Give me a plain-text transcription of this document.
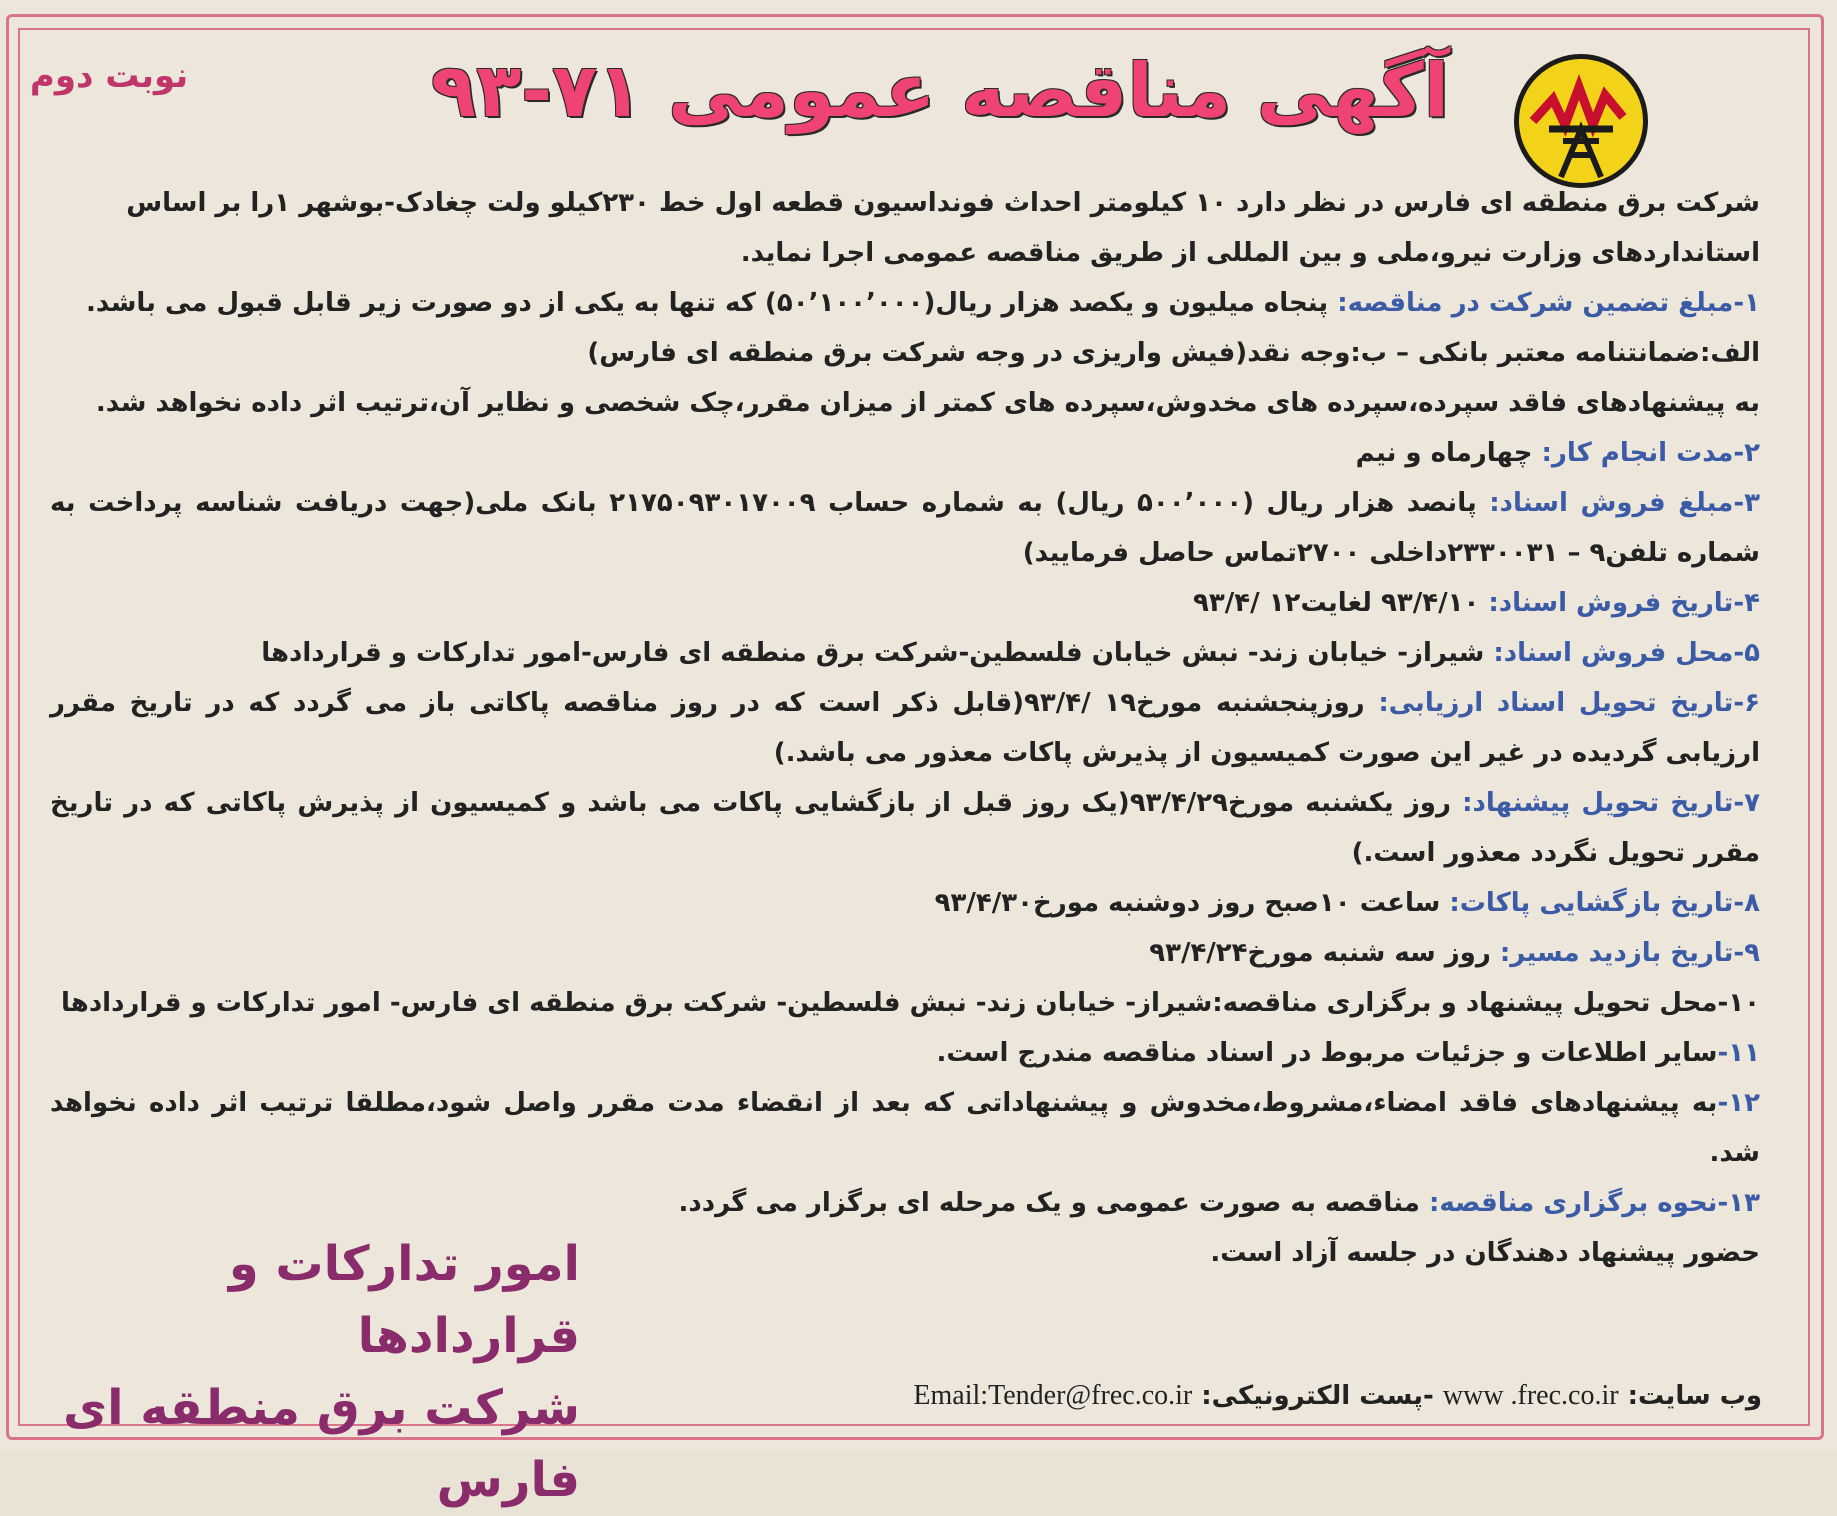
نوبت دوم	آگهی مناقصه عمومی ۷۱-۹۳

شرکت برق منطقه ای فارس در نظر دارد ۱۰ کیلومتر احداث فونداسیون قطعه اول خط ۲۳۰کیلو ولت چغادک-بوشهر ۱را بر اساس

استانداردهای وزارت نیرو،ملی و بین المللی از طریق مناقصه عمومی اجرا نماید.

۱-مبلغ تضمین شرکت در مناقصه: پنجاه میلیون و یکصد هزار ریال(۵۰٬۱۰۰٬۰۰۰) که تنها به یکی از دو صورت زیر قابل قبول می باشد.

الف:ضمانتنامه معتبر بانکی – ب:وجه نقد(فیش واریزی در وجه شرکت برق منطقه ای فارس)

به پیشنهادهای فاقد سپرده،سپرده های مخدوش،سپرده های کمتر از میزان مقرر،چک شخصی و نظایر آن،ترتیب اثر داده نخواهد شد.

۲-مدت انجام کار: چهارماه و نیم

۳-مبلغ فروش اسناد: پانصد هزار ریال (۵۰۰٬۰۰۰ ریال) به شماره حساب ۲۱۷۵۰۹۳۰۱۷۰۰۹ بانک ملی(جهت دریافت شناسه پرداخت به شماره تلفن۹ – ۲۳۳۰۰۳۱داخلی ۲۷۰۰تماس حاصل فرمایید)

۴-تاریخ فروش اسناد: ۹۳/۴/۱۰ لغایت۱۲ /۹۳/۴

۵-محل فروش اسناد: شیراز- خیابان زند- نبش خیابان فلسطین-شرکت برق منطقه ای فارس-امور تدارکات و قراردادها

۶-تاریخ تحویل اسناد ارزیابی: روزپنجشنبه مورخ۱۹ /۹۳/۴(قابل ذکر است که در روز مناقصه پاکاتی باز می گردد که در تاریخ مقرر ارزیابی گردیده در غیر این صورت کمیسیون از پذیرش پاکات معذور می باشد.)

۷-تاریخ تحویل پیشنهاد: روز یکشنبه مورخ۹۳/۴/۲۹(یک روز قبل از بازگشایی پاکات می باشد و کمیسیون از پذیرش پاکاتی که در تاریخ مقرر تحویل نگردد معذور است.)

۸-تاریخ بازگشایی پاکات: ساعت ۱۰صبح روز دوشنبه مورخ۹۳/۴/۳۰

۹-تاریخ بازدید مسیر: روز سه شنبه مورخ۹۳/۴/۲۴

۱۰-محل تحویل پیشنهاد و برگزاری مناقصه:شیراز- خیابان زند- نبش فلسطین- شرکت برق منطقه ای فارس- امور تدارکات و قراردادها

۱۱-سایر اطلاعات و جزئیات مربوط در اسناد مناقصه مندرج است.

۱۲-به پیشنهادهای فاقد امضاء،مشروط،مخدوش و پیشنهاداتی که بعد از انقضاء مدت مقرر واصل شود،مطلقا ترتیب اثر داده نخواهد شد.

۱۳-نحوه برگزاری مناقصه: مناقصه به صورت عمومی و یک مرحله ای برگزار می گردد.

حضور پیشنهاد دهندگان در جلسه آزاد است.

امور تدارکات و قراردادها
شرکت برق منطقه ای فارس
وب سایت: www .frec.co.ir -پست الکترونیکی: Email:Tender@frec.co.ir
